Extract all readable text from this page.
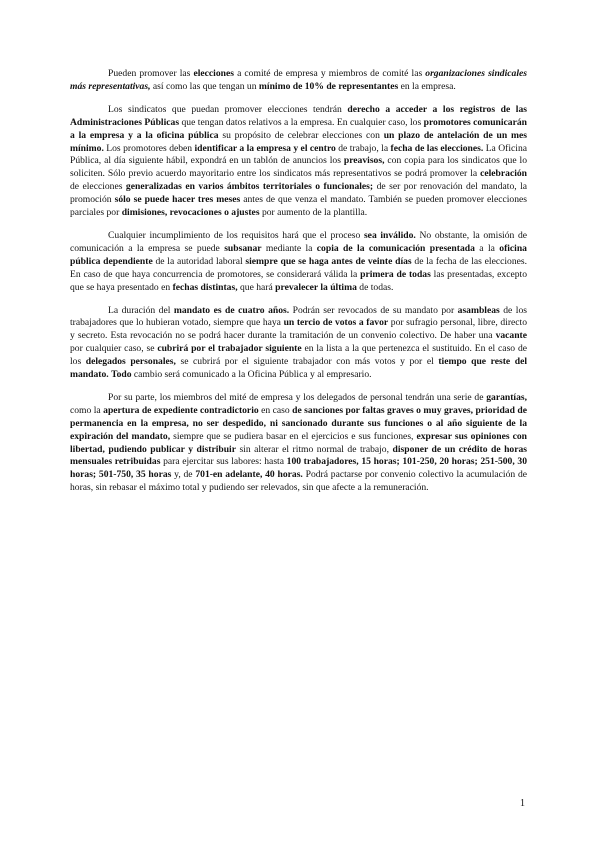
Pueden promover las elecciones a comité de empresa y miembros de comité las organizaciones sindicales más representativas, así como las que tengan un mínimo de 10% de representantes en la empresa.

Los sindicatos que puedan promover elecciones tendrán derecho a acceder a los registros de las Administraciones Públicas que tengan datos relativos a la empresa. En cualquier caso, los promotores comunicarán a la empresa y a la oficina pública su propósito de celebrar elecciones con un plazo de antelación de un mes mínimo. Los promotores deben identificar a la empresa y el centro de trabajo, la fecha de las elecciones. La Oficina Pública, al día siguiente hábil, expondrá en un tablón de anuncios los preavisos, con copia para los sindicatos que lo soliciten. Sólo previo acuerdo mayoritario entre los sindicatos más representativos se podrá promover la celebración de elecciones generalizadas en varios ámbitos territoriales o funcionales; de ser por renovación del mandato, la promoción sólo se puede hacer tres meses antes de que venza el mandato. También se pueden promover elecciones parciales por dimisiones, revocaciones o ajustes por aumento de la plantilla.

Cualquier incumplimiento de los requisitos hará que el proceso sea inválido. No obstante, la omisión de comunicación a la empresa se puede subsanar mediante la copia de la comunicación presentada a la oficina pública dependiente de la autoridad laboral siempre que se haga antes de veinte días de la fecha de las elecciones. En caso de que haya concurrencia de promotores, se considerará válida la primera de todas las presentadas, excepto que se haya presentado en fechas distintas, que hará prevalecer la última de todas.

La duración del mandato es de cuatro años. Podrán ser revocados de su mandato por asambleas de los trabajadores que lo hubieran votado, siempre que haya un tercio de votos a favor por sufragio personal, libre, directo y secreto. Esta revocación no se podrá hacer durante la tramitación de un convenio colectivo. De haber una vacante por cualquier caso, se cubrirá por el trabajador siguiente en la lista a la que pertenezca el sustituido. En el caso de los delegados personales, se cubrirá por el siguiente trabajador con más votos y por el tiempo que reste del mandato. Todo cambio será comunicado a la Oficina Pública y al empresario.

Por su parte, los miembros del mité de empresa y los delegados de personal tendrán una serie de garantías, como la apertura de expediente contradictorio en caso de sanciones por faltas graves o muy graves, prioridad de permanencia en la empresa, no ser despedido, ni sancionado durante sus funciones o al año siguiente de la expiración del mandato, siempre que se pudiera basar en el ejercicios e sus funciones, expresar sus opiniones con libertad, pudiendo publicar y distribuir sin alterar el ritmo normal de trabajo, disponer de un crédito de horas mensuales retribuidas para ejercitar sus labores: hasta 100 trabajadores, 15 horas; 101-250, 20 horas; 251-500, 30 horas; 501-750, 35 horas y, de 701-en adelante, 40 horas. Podrá pactarse por convenio colectivo la acumulación de horas, sin rebasar el máximo total y pudiendo ser relevados, sin que afecte a la remuneración.

1
